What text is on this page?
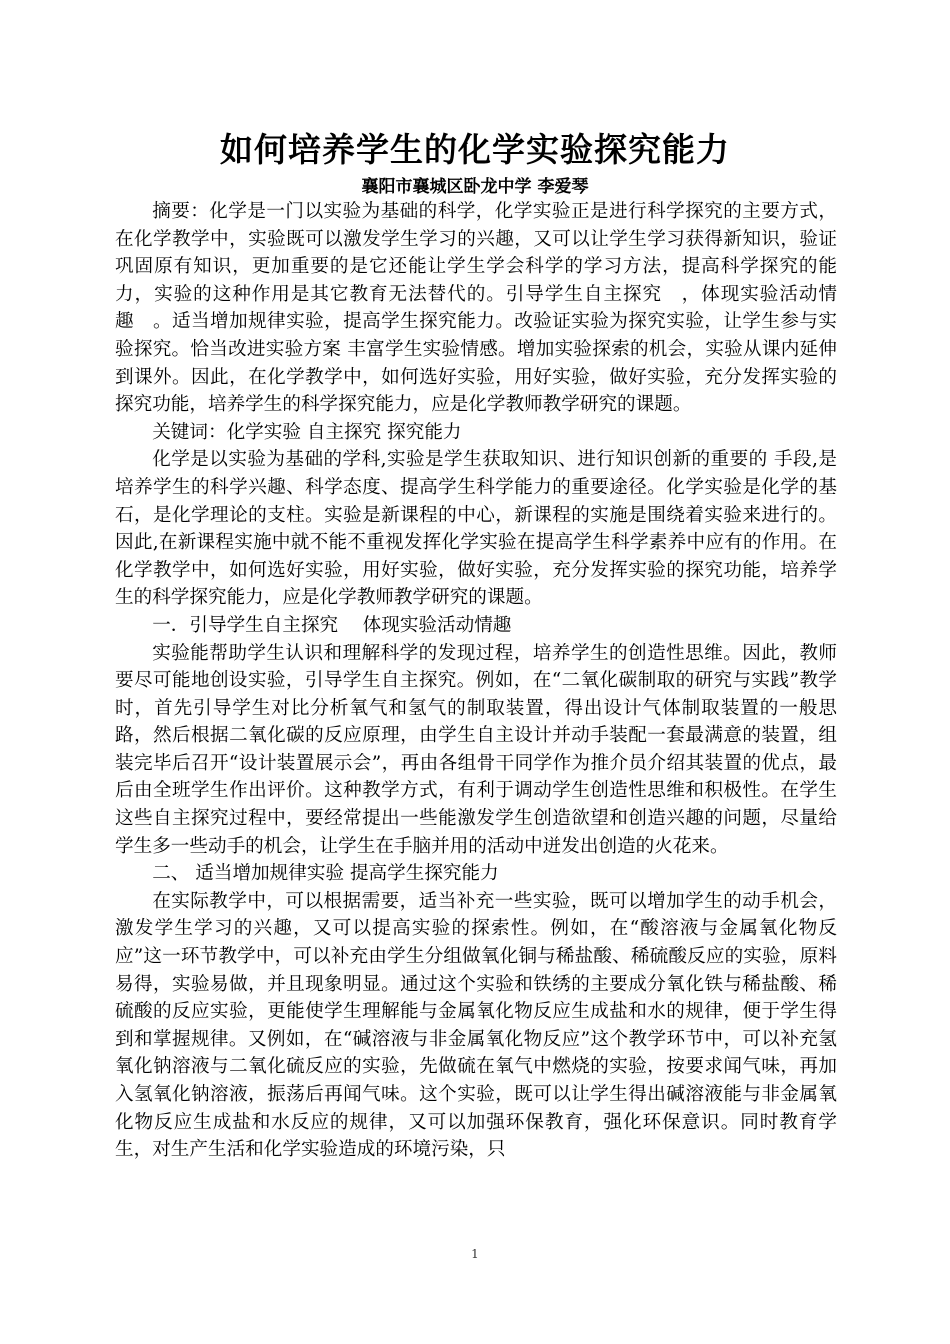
如何培养学生的化学实验探究能力
襄阳市襄城区卧龙中学 李爱琴

摘要：化学是一门以实验为基础的科学，化学实验正是进行科学探究的主要方式，在化学教学中，实验既可以激发学生学习的兴趣，又可以让学生学习获得新知识，验证巩固原有知识，更加重要的是它还能让学生学会科学的学习方法，提高科学探究的能力，实验的这种作用是其它教育无法替代的。引导学生自主探究　，体现实验活动情趣　。适当增加规律实验，提高学生探究能力。改验证实验为探究实验，让学生参与实验探究。恰当改进实验方案 丰富学生实验情感。增加实验探索的机会，实验从课内延伸到课外。因此，在化学教学中，如何选好实验，用好实验，做好实验，充分发挥实验的探究功能，培养学生的科学探究能力，应是化学教师教学研究的课题。

关键词：化学实验 自主探究 探究能力

化学是以实验为基础的学科,实验是学生获取知识、进行知识创新的重要的 手段,是培养学生的科学兴趣、科学态度、提高学生科学能力的重要途径。化学实验是化学的基石，是化学理论的支柱。实验是新课程的中心，新课程的实施是围绕着实验来进行的。因此,在新课程实施中就不能不重视发挥化学实验在提高学生科学素养中应有的作用。在化学教学中，如何选好实验，用好实验，做好实验，充分发挥实验的探究功能，培养学生的科学探究能力，应是化学教师教学研究的课题。

一．引导学生自主探究　 体现实验活动情趣

实验能帮助学生认识和理解科学的发现过程，培养学生的创造性思维。因此，教师要尽可能地创设实验，引导学生自主探究。例如，在“二氧化碳制取的研究与实践”教学时，首先引导学生对比分析氧气和氢气的制取装置，得出设计气体制取装置的一般思路，然后根据二氧化碳的反应原理，由学生自主设计并动手装配一套最满意的装置，组装完毕后召开“设计装置展示会”，再由各组骨干同学作为推介员介绍其装置的优点，最后由全班学生作出评价。这种教学方式，有利于调动学生创造性思维和积极性。在学生这些自主探究过程中，要经常提出一些能激发学生创造欲望和创造兴趣的问题，尽量给学生多一些动手的机会，让学生在手脑并用的活动中迸发出创造的火花来。

二、 适当增加规律实验 提高学生探究能力

在实际教学中，可以根据需要，适当补充一些实验，既可以增加学生的动手机会，激发学生学习的兴趣，又可以提高实验的探索性。例如，在“酸溶液与金属氧化物反应”这一环节教学中，可以补充由学生分组做氧化铜与稀盐酸、稀硫酸反应的实验，原料易得，实验易做，并且现象明显。通过这个实验和铁绣的主要成分氧化铁与稀盐酸、稀硫酸的反应实验，更能使学生理解能与金属氧化物反应生成盐和水的规律，便于学生得到和掌握规律。又例如，在“碱溶液与非金属氧化物反应”这个教学环节中，可以补充氢氧化钠溶液与二氧化硫反应的实验，先做硫在氧气中燃烧的实验，按要求闻气味，再加入氢氧化钠溶液，振荡后再闻气味。这个实验，既可以让学生得出碱溶液能与非金属氧化物反应生成盐和水反应的规律，又可以加强环保教育，强化环保意识。同时教育学生，对生产生活和化学实验造成的环境污染，只

1
